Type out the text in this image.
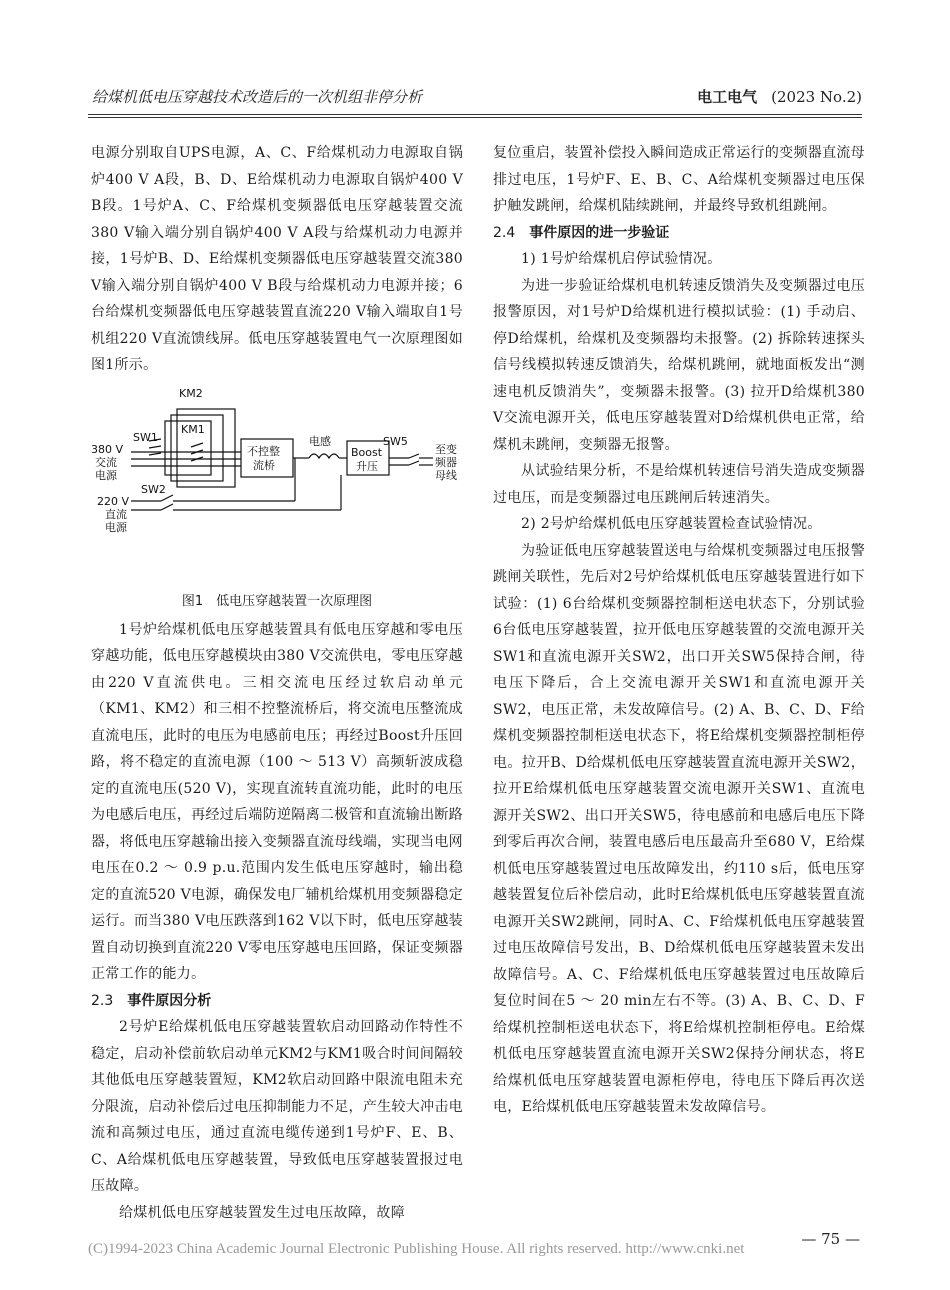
给煤机低电压穿越技术改造后的一次机组非停分析	电工电气 (2023 No.2)

电源分别取自UPS电源，A、C、F给煤机动力电源取自锅炉400 V A段，B、D、E给煤机动力电源取自锅炉400 V B段。1号炉A、C、F给煤机变频器低电压穿越装置交流380 V输入端分别自锅炉400 V A段与给煤机动力电源并接，1号炉B、D、E给煤机变频器低电压穿越装置交流380 V输入端分别自锅炉400 V B段与给煤机动力电源并接；6台给煤机变频器低电压穿越装置直流220 V输入端取自1号机组220 V直流馈线屏。低电压穿越装置电气一次原理图如图1所示。

KM2
KM1
SW1
SW2
SW5
380 V
交流
电源
220 V
直流
电源
不控整
流桥
电感
Boost
升压
至变
频器
母线

图1　低电压穿越装置一次原理图

1号炉给煤机低电压穿越装置具有低电压穿越和零电压穿越功能，低电压穿越模块由380 V交流供电，零电压穿越由220 V直流供电。三相交流电压经过软启动单元（KM1、KM2）和三相不控整流桥后，将交流电压整流成直流电压，此时的电压为电感前电压；再经过Boost升压回路，将不稳定的直流电源（100 ～ 513 V）高频斩波成稳定的直流电压(520 V)，实现直流转直流功能，此时的电压为电感后电压，再经过后端防逆隔离二极管和直流输出断路器，将低电压穿越输出接入变频器直流母线端，实现当电网电压在0.2 ～ 0.9 p.u.范围内发生低电压穿越时，输出稳定的直流520 V电源，确保发电厂辅机给煤机用变频器稳定运行。而当380 V电压跌落到162 V以下时，低电压穿越装置自动切换到直流220 V零电压穿越电压回路，保证变频器正常工作的能力。

2.3 事件原因分析

2号炉E给煤机低电压穿越装置软启动回路动作特性不稳定，启动补偿前软启动单元KM2与KM1吸合时间间隔较其他低电压穿越装置短，KM2软启动回路中限流电阻未充分限流，启动补偿后过电压抑制能力不足，产生较大冲击电流和高频过电压，通过直流电缆传递到1号炉F、E、B、C、A给煤机低电压穿越装置，导致低电压穿越装置报过电压故障。

给煤机低电压穿越装置发生过电压故障，故障

复位重启，装置补偿投入瞬间造成正常运行的变频器直流母排过电压，1号炉F、E、B、C、A给煤机变频器过电压保护触发跳闸，给煤机陆续跳闸，并最终导致机组跳闸。

2.4 事件原因的进一步验证

1) 1号炉给煤机启停试验情况。

为进一步验证给煤机电机转速反馈消失及变频器过电压报警原因，对1号炉D给煤机进行模拟试验：(1) 手动启、停D给煤机，给煤机及变频器均未报警。(2) 拆除转速探头信号线模拟转速反馈消失，给煤机跳闸，就地面板发出“测速电机反馈消失”，变频器未报警。(3) 拉开D给煤机380 V交流电源开关，低电压穿越装置对D给煤机供电正常，给煤机未跳闸，变频器无报警。

从试验结果分析，不是给煤机转速信号消失造成变频器过电压，而是变频器过电压跳闸后转速消失。

2) 2号炉给煤机低电压穿越装置检查试验情况。

为验证低电压穿越装置送电与给煤机变频器过电压报警跳闸关联性，先后对2号炉给煤机低电压穿越装置进行如下试验：(1) 6台给煤机变频器控制柜送电状态下，分别试验6台低电压穿越装置，拉开低电压穿越装置的交流电源开关SW1和直流电源开关SW2，出口开关SW5保持合闸，待电压下降后，合上交流电源开关SW1和直流电源开关SW2，电压正常，未发故障信号。(2) A、B、C、D、F给煤机变频器控制柜送电状态下，将E给煤机变频器控制柜停电。拉开B、D给煤机低电压穿越装置直流电源开关SW2，拉开E给煤机低电压穿越装置交流电源开关SW1、直流电源开关SW2、出口开关SW5，待电感前和电感后电压下降到零后再次合闸，装置电感后电压最高升至680 V，E给煤机低电压穿越装置过电压故障发出，约110 s后，低电压穿越装置复位后补偿启动，此时E给煤机低电压穿越装置直流电源开关SW2跳闸，同时A、C、F给煤机低电压穿越装置过电压故障信号发出，B、D给煤机低电压穿越装置未发出故障信号。A、C、F给煤机低电压穿越装置过电压故障后复位时间在5 ～ 20 min左右不等。(3) A、B、C、D、F给煤机控制柜送电状态下，将E给煤机控制柜停电。E给煤机低电压穿越装置直流电源开关SW2保持分闸状态，将E给煤机低电压穿越装置电源柜停电，待电压下降后再次送电，E给煤机低电压穿越装置未发故障信号。

— 75 —
(C)1994-2023 China Academic Journal Electronic Publishing House. All rights reserved. http://www.cnki.net
